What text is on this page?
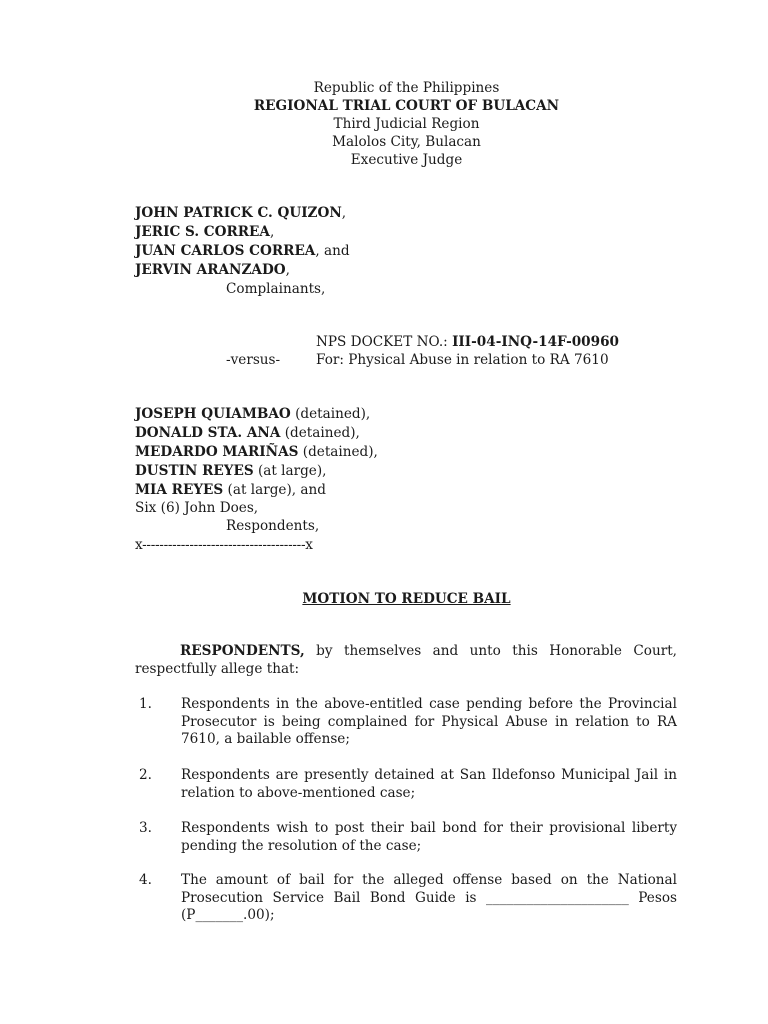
Republic of the Philippines
REGIONAL TRIAL COURT OF BULACAN
Third Judicial Region
Malolos City, Bulacan
Executive Judge
JOHN PATRICK C. QUIZON,
JERIC S. CORREA,
JUAN CARLOS CORREA, and
JERVIN ARANZADO,
Complainants,
NPS DOCKET NO.: III-04-INQ-14F-00960
-versus-	For: Physical Abuse in relation to RA 7610
JOSEPH QUIAMBAO (detained),
DONALD STA. ANA (detained),
MEDARDO MARIÑAS (detained),
DUSTIN REYES (at large),
MIA REYES (at large), and
Six (6) John Does,
Respondents,
x--------------------------------------x
MOTION TO REDUCE BAIL
RESPONDENTS, by themselves and unto this Honorable Court, respectfully allege that:
1. Respondents in the above-entitled case pending before the Provincial Prosecutor is being complained for Physical Abuse in relation to RA 7610, a bailable offense;
2. Respondents are presently detained at San Ildefonso Municipal Jail in relation to above-mentioned case;
3. Respondents wish to post their bail bond for their provisional liberty pending the resolution of the case;
4. The amount of bail for the alleged offense based on the National Prosecution Service Bail Bond Guide is _____________________ Pesos (P_______.00);
